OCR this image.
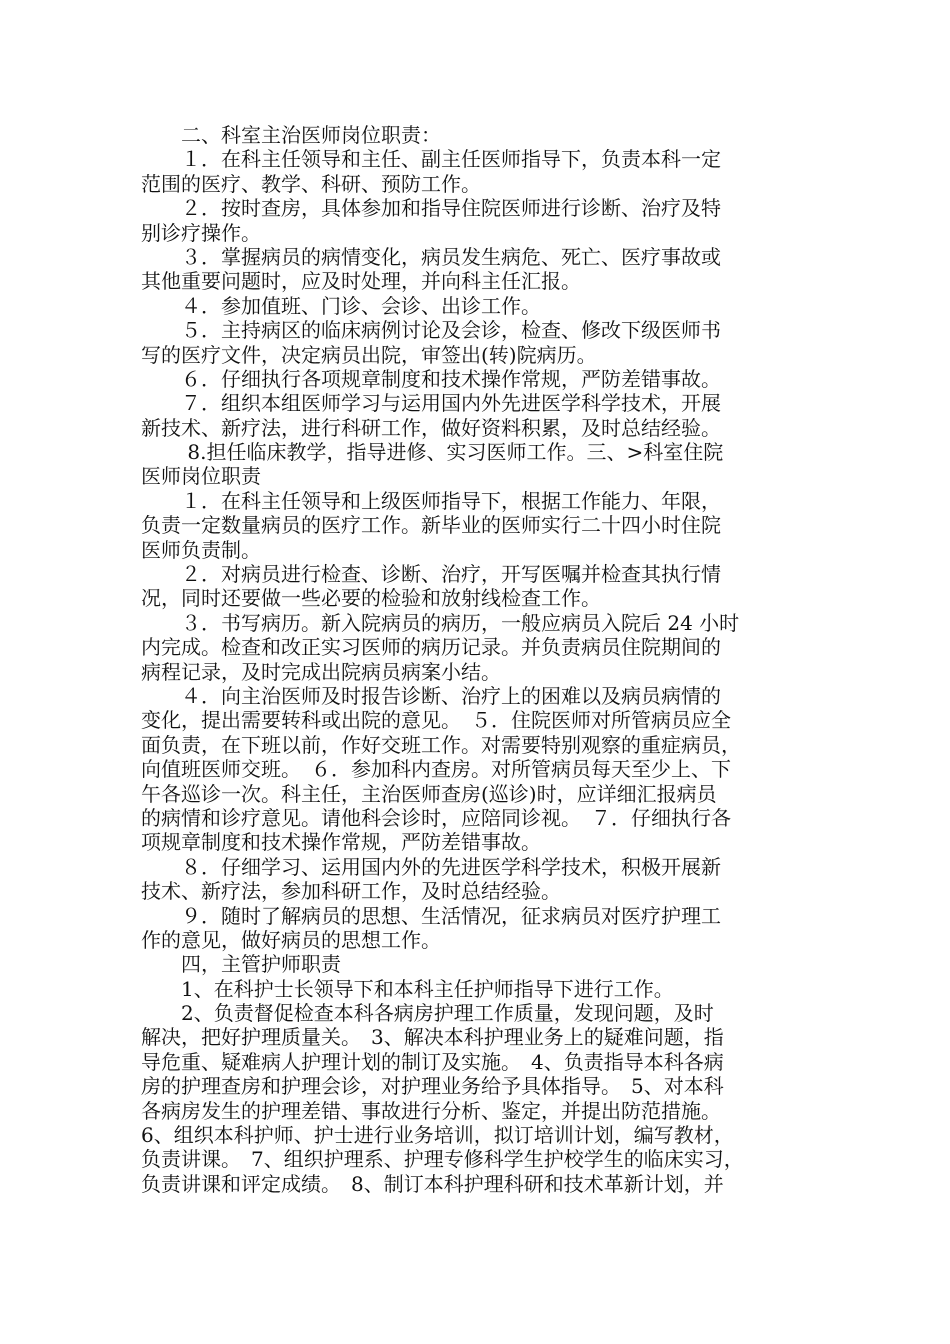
　　二、科室主治医师岗位职责：
　　１．在科主任领导和主任、副主任医师指导下，负责本科一定
范围的医疗、教学、科研、预防工作。
　　２．按时查房，具体参加和指导住院医师进行诊断、治疗及特
别诊疗操作。
　　３．掌握病员的病情变化，病员发生病危、死亡、医疗事故或
其他重要问题时，应及时处理，并向科主任汇报。
　　４．参加值班、门诊、会诊、出诊工作。
　　５．主持病区的临床病例讨论及会诊，检查、修改下级医师书
写的医疗文件，决定病员出院，审签出(转)院病历。
　　６．仔细执行各项规章制度和技术操作常规，严防差错事故。
　　７．组织本组医师学习与运用国内外先进医学科学技术，开展
新技术、新疗法，进行科研工作，做好资料积累，及时总结经验。
　　 8.担任临床教学，指导进修、实习医师工作。三、>科室住院
医师岗位职责
　　１．在科主任领导和上级医师指导下，根据工作能力、年限，
负责一定数量病员的医疗工作。新毕业的医师实行二十四小时住院
医师负责制。
　　２．对病员进行检查、诊断、治疗，开写医嘱并检查其执行情
况，同时还要做一些必要的检验和放射线检查工作。
　　３．书写病历。新入院病员的病历，一般应病员入院后 24 小时
内完成。检查和改正实习医师的病历记录。并负责病员住院期间的
病程记录，及时完成出院病员病案小结。
　　４．向主治医师及时报告诊断、治疗上的困难以及病员病情的
变化，提出需要转科或出院的意见。　５．住院医师对所管病员应全
面负责，在下班以前，作好交班工作。对需要特别观察的重症病员，
向值班医师交班。　６．参加科内查房。对所管病员每天至少上、下
午各巡诊一次。科主任，主治医师查房(巡诊)时，应详细汇报病员
的病情和诊疗意见。请他科会诊时，应陪同诊视。　７．仔细执行各
项规章制度和技术操作常规，严防差错事故。
　　８．仔细学习、运用国内外的先进医学科学技术，积极开展新
技术、新疗法，参加科研工作，及时总结经验。
　　９．随时了解病员的思想、生活情况，征求病员对医疗护理工
作的意见，做好病员的思想工作。
　　四，主管护师职责
　　1、在科护士长领导下和本科主任护师指导下进行工作。
　　2、负责督促检查本科各病房护理工作质量，发现问题，及时
解决，把好护理质量关。　3、解决本科护理业务上的疑难问题，指
导危重、疑难病人护理计划的制订及实施。　4、负责指导本科各病
房的护理查房和护理会诊，对护理业务给予具体指导。　5、对本科
各病房发生的护理差错、事故进行分析、鉴定，并提出防范措施。
6、组织本科护师、护士进行业务培训，拟订培训计划，编写教材，
负责讲课。　7、组织护理系、护理专修科学生护校学生的临床实习，
负责讲课和评定成绩。　8、制订本科护理科研和技术革新计划，并
